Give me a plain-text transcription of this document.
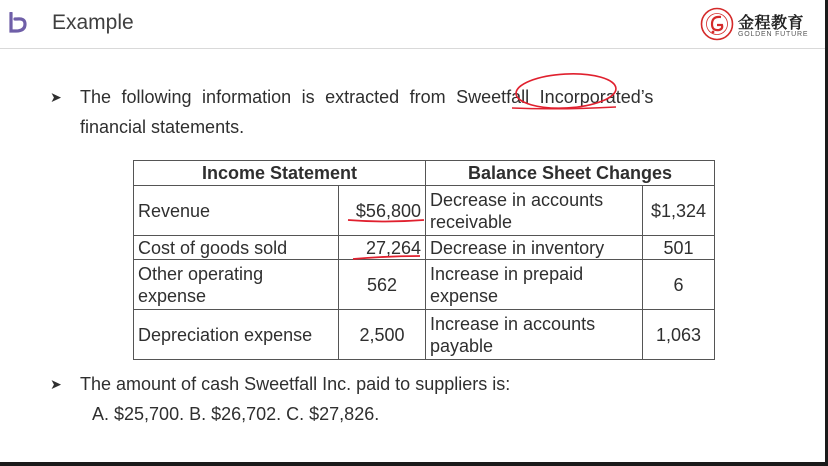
Example	金程教育
GOLDEN FUTURE
➤ The following information is extracted from Sweetfall Incorporated’s
financial statements.
Income Statement		Balance Sheet Changes	
Revenue	$56,800	Decrease in accounts receivable	$1,324
Cost of goods sold	27,264	Decrease in inventory	501
Other operating expense	562	Increase in prepaid expense	6
Depreciation expense	2,500	Increase in accounts payable	1,063
➤ The amount of cash Sweetfall Inc. paid to suppliers is:
A. $25,700. B. $26,702. C. $27,826.
